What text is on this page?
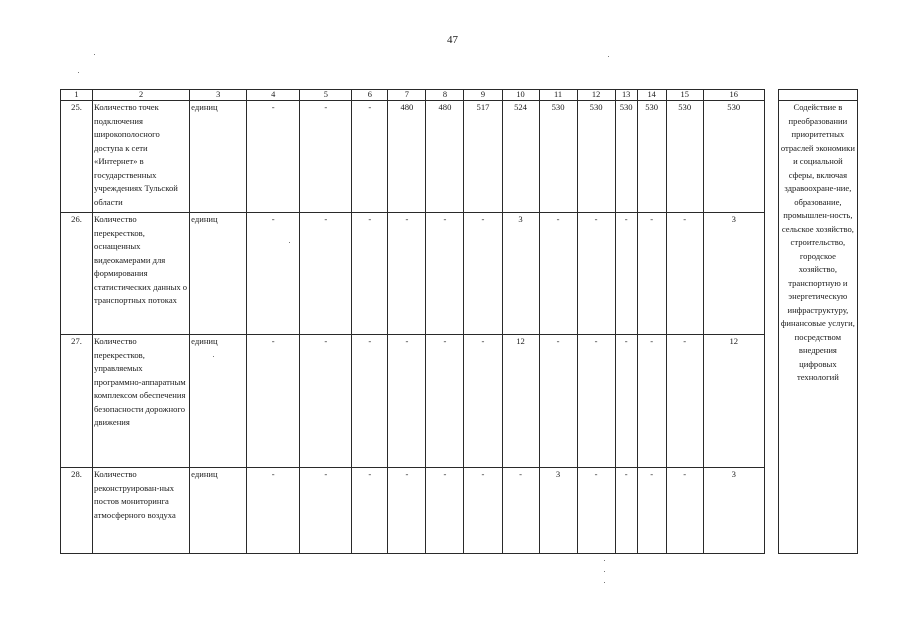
47
1	2	3	4	5	6	7	8	9	10	11	12	13	14	15	16		
25.	Количество точек подключения широкополосного доступа к сети «Интернет» в государственных учреждениях Тульской области	единиц	-	-	-	480	480	517	524	530	530	530	530	530	530		Содействие в преобразовании приоритетных отраслей экономики и социальной сферы, включая здравоохране-ние, образование, промышлен-ность, сельское хозяйство, строительство, городское хозяйство, транспортную и энергетическую инфраструктуру, финансовые услуги, посредством внедрения цифровых технологий
26.	Количество перекрестков, оснащенных видеокамерами для формирования статистических данных о транспортных потоках	единиц	-	-	-	-	-	-	3	-	-	-	-	-	3		
27.	Количество перекрестков, управляемых программно-аппаратным комплексом обеспечения безопасности дорожного движения	единиц	-	-	-	-	-	-	12	-	-	-	-	-	12		
28.	Количество реконструирован-ных постов мониторинга атмосферного воздуха	единиц	-	-	-	-	-	-	-	3	-	-	-	-	3		
